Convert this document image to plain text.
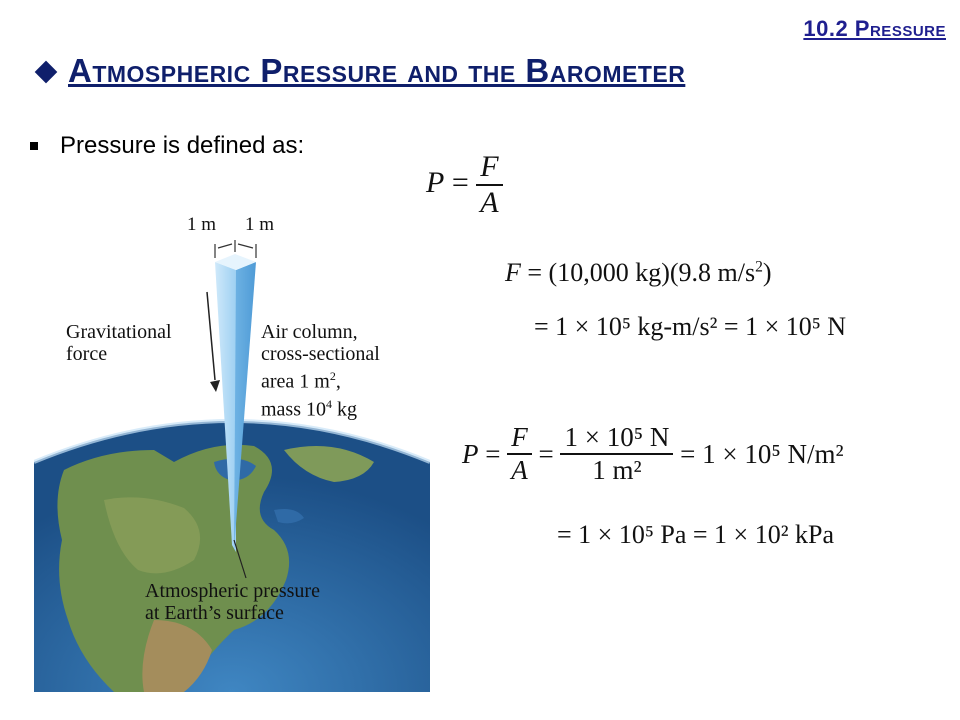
10.2 Pressure
Atmospheric Pressure and the Barometer
Pressure is defined as:
1 m 1 m
Gravitational
force
Air column,
cross-sectional
area 1 $m^2$,
mass $10^4$ kg
Atmospheric pressure
at Earth’s surface
$P = \frac{F}{A}$
F = (10,000 kg)(9.8 $m/s^2$)
= 1 × 10⁵ kg-m/s² = 1 × 10⁵ N
$P = \frac{F}{A} = \frac{\text{1 × 10⁵ N}}{\text{1 m²}}$
= 1 × 10⁵ N/m²
= 1 × 10⁵ Pa = 1 × 10² kPa
